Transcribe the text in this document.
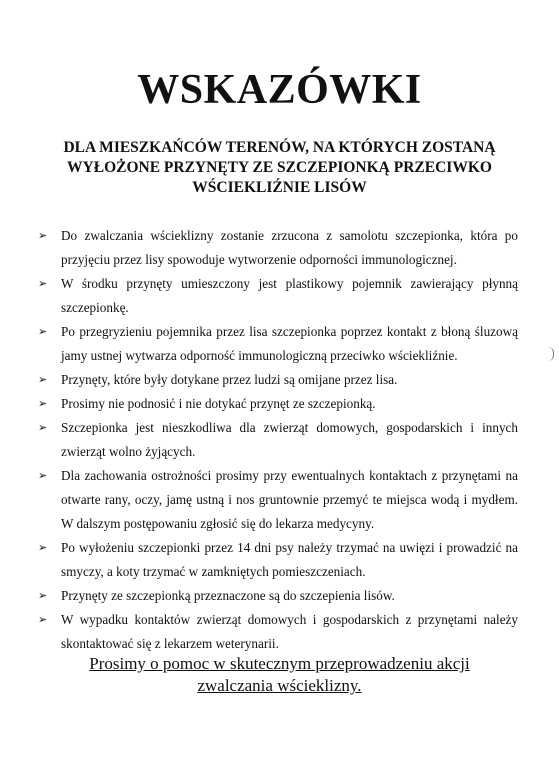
WSKAZÓWKI
DLA MIESZKAŃCÓW TERENÓW, NA KTÓRYCH ZOSTANĄ
WYŁOŻONE PRZYNĘTY ZE SZCZEPIONKĄ PRZECIWKO
WŚCIEKLIŹNIE LISÓW
➢ Do zwalczania wścieklizny zostanie zrzucona z samolotu szczepionka, która po przyjęciu przez lisy spowoduje wytworzenie odporności immunologicznej.
➢ W środku przynęty umieszczony jest plastikowy pojemnik zawierający płynną szczepionkę.
➢ Po przegryzieniu pojemnika przez lisa szczepionka poprzez kontakt z błoną śluzową jamy ustnej wytwarza odporność immunologiczną przeciwko wściekliźnie.
➢ Przynęty, które były dotykane przez ludzi są omijane przez lisa.
➢ Prosimy nie podnosić i nie dotykać przynęt ze szczepionką.
➢ Szczepionka jest nieszkodliwa dla zwierząt domowych, gospodarskich i innych zwierząt wolno żyjących.
➢ Dla zachowania ostrożności prosimy przy ewentualnych kontaktach z przynętami na otwarte rany, oczy, jamę ustną i nos gruntownie przemyć te miejsca wodą i mydłem. W dalszym postępowaniu zgłosić się do lekarza medycyny.
➢ Po wyłożeniu szczepionki przez 14 dni psy należy trzymać na uwięzi i prowadzić na smyczy, a koty trzymać w zamkniętych pomieszczeniach.
➢ Przynęty ze szczepionką przeznaczone są do szczepienia lisów.
➢ W wypadku kontaktów zwierząt domowych i gospodarskich z przynętami należy skontaktować się z lekarzem weterynarii.
Prosimy o pomoc w skutecznym przeprowadzeniu akcji
zwalczania wścieklizny.
